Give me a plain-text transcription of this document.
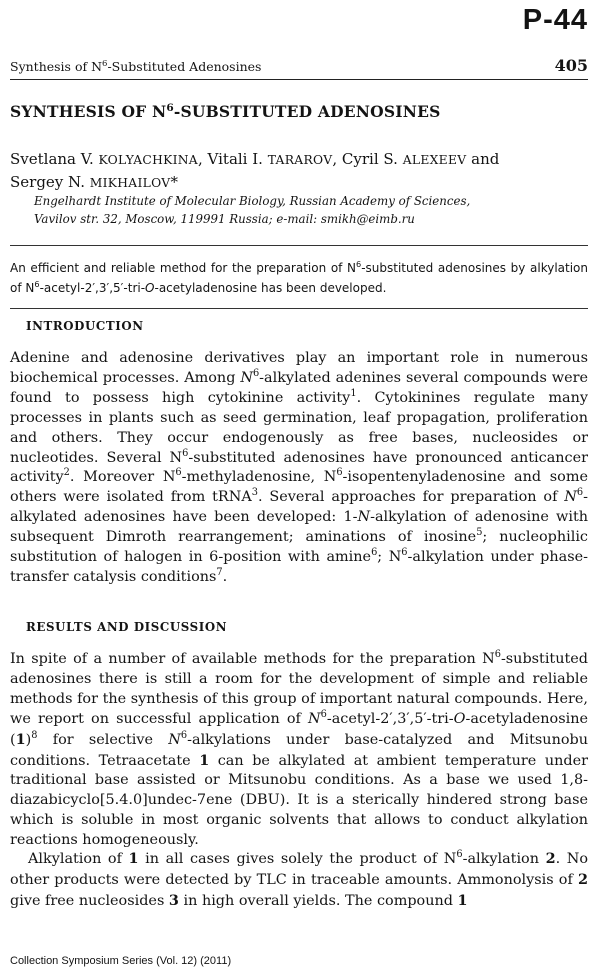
P-44
Synthesis of $N^6$-Substituted Adenosines	405
SYNTHESIS OF $N^6$-SUBSTITUTED ADENOSINES
Svetlana V. KOLYACHKINA, Vitali I. TARAROV, Cyril S. ALEXEEV and
Sergey N. MIKHAILOV*
Engelhardt Institute of Molecular Biology, Russian Academy of Sciences,
Vavilov str. 32, Moscow, 119991 Russia; e-mail: smikh@eimb.ru
An efficient and reliable method for the preparation of $N^6$-substituted adenosines by alkylation of $N^6-acetyl-2',3',5'-tri-O$-acetyladenosine has been developed.
INTRODUCTION

Adenine and adenosine derivatives play an important role in numerous biochemical processes. Among $N^6$-alkylated adenines several compounds were found to possess high cytokinine activity$^1$. Cytokinines regulate many processes in plants such as seed germination, leaf propagation, proliferation and others. They occur endogenously as free bases, nucleosides or nucleotides. Several $N^6$-substituted adenosines have pronounced anticancer activity$^2$. Moreover $N^6$-methyladenosine, $N^6$-isopentenyladenosine and some others were isolated from tRNA$^3$. Several approaches for preparation of $N^6$-alkylated adenosines have been developed: 1-N-alkylation of adenosine with subsequent Dimroth rearrangement; aminations of inosine$^5$; nucleophilic substitution of halogen in 6-position with amine$^6$; $N^6$-alkylation under phase-transfer catalysis conditions$^7$.

RESULTS AND DISCUSSION

In spite of a number of available methods for the preparation $N^6$-substituted adenosines there is still a room for the development of simple and reliable methods for the synthesis of this group of important natural compounds. Here, we report on successful application of $N^6-acetyl-2',3',5'-tri-O$-acetyladenosine $(1)^8$ for selective $N^6$-alkylations under base-catalyzed and Mitsunobu conditions. Tetraacetate 1 can be alkylated at ambient temperature under traditional base assisted or Mitsunobu conditions. As a base we used 1,8-diazabicyclo[5.4.0]undec-7ene (DBU). It is a sterically hindered strong base which is soluble in most organic solvents that allows to conduct alkylation reactions homogeneously.

Alkylation of 1 in all cases gives solely the product of $N^6$-alkylation 2. No other products were detected by TLC in traceable amounts. Ammonolysis of 2 give free nucleosides 3 in high overall yields. The compound 1

Collection Symposium Series (Vol. 12) (2011)
